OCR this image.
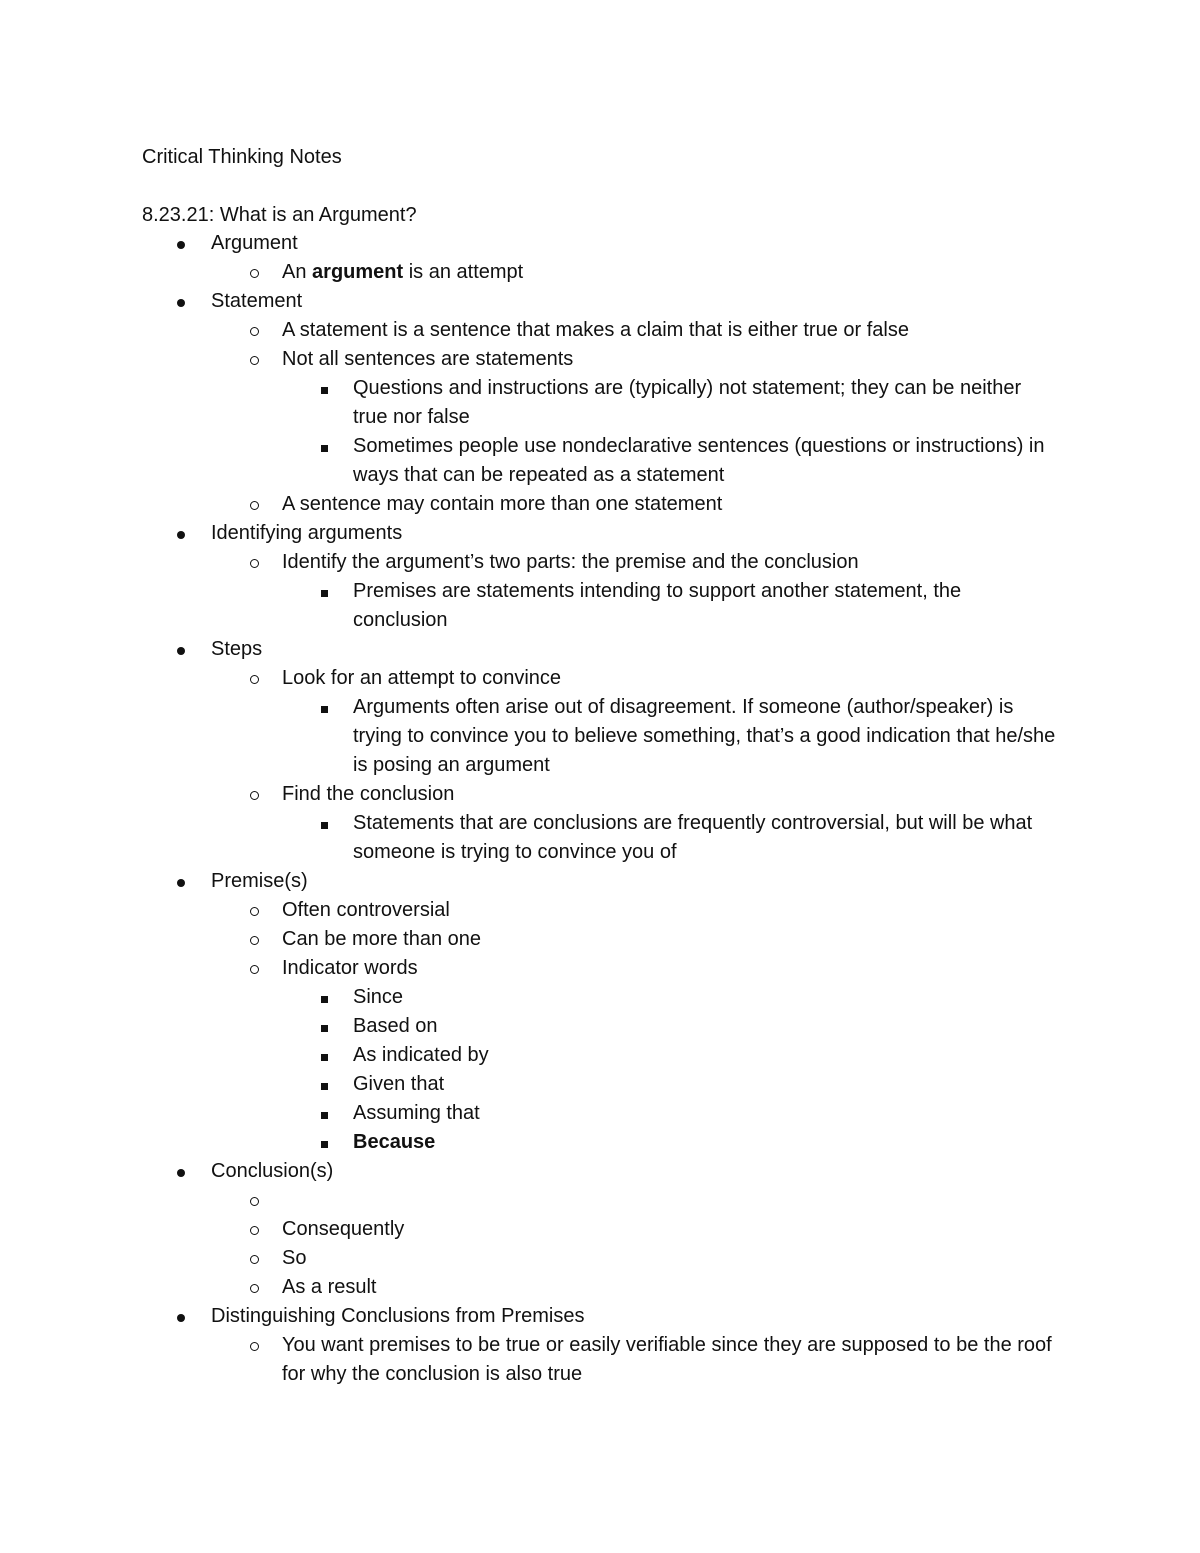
Critical Thinking Notes
8.23.21: What is an Argument?
Argument
An argument is an attempt
Statement
A statement is a sentence that makes a claim that is either true or false
Not all sentences are statements
Questions and instructions are (typically) not statement; they can be neither true nor false
Sometimes people use nondeclarative sentences (questions or instructions) in ways that can be repeated as a statement
A sentence may contain more than one statement
Identifying arguments
Identify the argument’s two parts: the premise and the conclusion
Premises are statements intending to support another statement, the conclusion
Steps
Look for an attempt to convince
Arguments often arise out of disagreement. If someone (author/speaker) is trying to convince you to believe something, that’s a good indication that he/she is posing an argument
Find the conclusion
Statements that are conclusions are frequently controversial, but will be what someone is trying to convince you of
Premise(s)
Often controversial
Can be more than one
Indicator words
Since
Based on
As indicated by
Given that
Assuming that
Because
Conclusion(s)
Consequently
So
As a result
Distinguishing Conclusions from Premises
You want premises to be true or easily verifiable since they are supposed to be the roof for why the conclusion is also true
